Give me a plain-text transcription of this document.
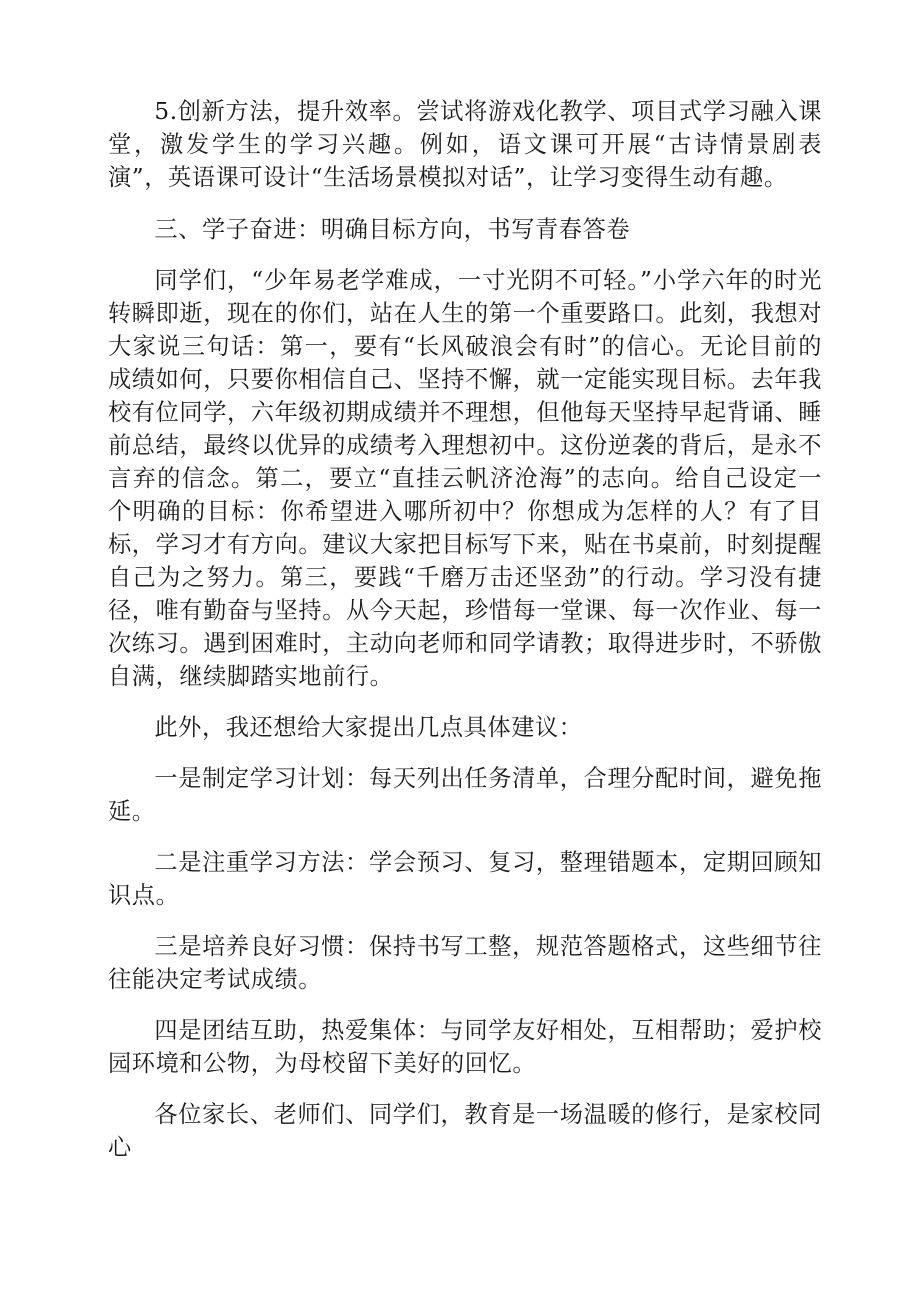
5.创新方法，提升效率。尝试将游戏化教学、项目式学习融入课堂，激发学生的学习兴趣。例如，语文课可开展“古诗情景剧表演”，英语课可设计“生活场景模拟对话”，让学习变得生动有趣。

三、学子奋进：明确目标方向，书写青春答卷

同学们，“少年易老学难成，一寸光阴不可轻。”小学六年的时光转瞬即逝，现在的你们，站在人生的第一个重要路口。此刻，我想对大家说三句话：第一，要有“长风破浪会有时”的信心。无论目前的成绩如何，只要你相信自己、坚持不懈，就一定能实现目标。去年我校有位同学，六年级初期成绩并不理想，但他每天坚持早起背诵、睡前总结，最终以优异的成绩考入理想初中。这份逆袭的背后，是永不言弃的信念。第二，要立“直挂云帆济沧海”的志向。给自己设定一个明确的目标：你希望进入哪所初中？你想成为怎样的人？有了目标，学习才有方向。建议大家把目标写下来，贴在书桌前，时刻提醒自己为之努力。第三，要践“千磨万击还坚劲”的行动。学习没有捷径，唯有勤奋与坚持。从今天起，珍惜每一堂课、每一次作业、每一次练习。遇到困难时，主动向老师和同学请教；取得进步时，不骄傲自满，继续脚踏实地前行。

此外，我还想给大家提出几点具体建议：

一是制定学习计划：每天列出任务清单，合理分配时间，避免拖延。

二是注重学习方法：学会预习、复习，整理错题本，定期回顾知识点。

三是培养良好习惯：保持书写工整，规范答题格式，这些细节往往能决定考试成绩。

四是团结互助，热爱集体：与同学友好相处，互相帮助；爱护校园环境和公物，为母校留下美好的回忆。

各位家长、老师们、同学们，教育是一场温暖的修行，是家校同心
